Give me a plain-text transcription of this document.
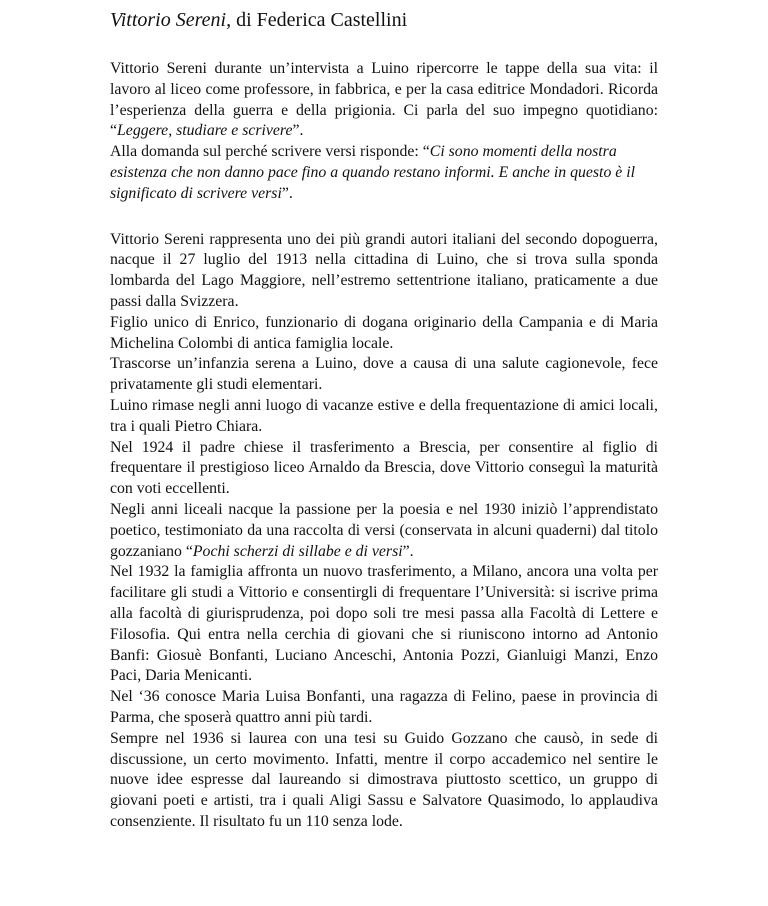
Vittorio Sereni, di Federica Castellini

Vittorio Sereni durante un’intervista a Luino ripercorre le tappe della sua vita: il lavoro al liceo come professore, in fabbrica, e per la casa editrice Mondadori. Ricorda l’esperienza della guerra e della prigionia. Ci parla del suo impegno quotidiano: “Leggere, studiare e scrivere”.

Alla domanda sul perché scrivere versi risponde: “Ci sono momenti della nostra esistenza che non danno pace fino a quando restano informi. E anche in questo è il significato di scrivere versi”.

Vittorio Sereni rappresenta uno dei più grandi autori italiani del secondo dopoguerra, nacque il 27 luglio del 1913 nella cittadina di Luino, che si trova sulla sponda lombarda del Lago Maggiore, nell’estremo settentrione italiano, praticamente a due passi dalla Svizzera.

Figlio unico di Enrico, funzionario di dogana originario della Campania e di Maria Michelina Colombi di antica famiglia locale.

Trascorse un’infanzia serena a Luino, dove a causa di una salute cagionevole, fece privatamente gli studi elementari.

Luino rimase negli anni luogo di vacanze estive e della frequentazione di amici locali, tra i quali Pietro Chiara.

Nel 1924 il padre chiese il trasferimento a Brescia, per consentire al figlio di frequentare il prestigioso liceo Arnaldo da Brescia, dove Vittorio conseguì la maturità con voti eccellenti.

Negli anni liceali nacque la passione per la poesia e nel 1930 iniziò l’apprendistato poetico, testimoniato da una raccolta di versi (conservata in alcuni quaderni) dal titolo gozzaniano “Pochi scherzi di sillabe e di versi”.

Nel 1932 la famiglia affronta un nuovo trasferimento, a Milano, ancora una volta per facilitare gli studi a Vittorio e consentirgli di frequentare l’Università: si iscrive prima alla facoltà di giurisprudenza, poi dopo soli tre mesi passa alla Facoltà di Lettere e Filosofia. Qui entra nella cerchia di giovani che si riuniscono intorno ad Antonio Banfi: Giosuè Bonfanti, Luciano Anceschi, Antonia Pozzi, Gianluigi Manzi, Enzo Paci, Daria Menicanti.

Nel ‘36 conosce Maria Luisa Bonfanti, una ragazza di Felino, paese in provincia di Parma, che sposerà quattro anni più tardi.

Sempre nel 1936 si laurea con una tesi su Guido Gozzano che causò, in sede di discussione, un certo movimento. Infatti, mentre il corpo accademico nel sentire le nuove idee espresse dal laureando si dimostrava piuttosto scettico, un gruppo di giovani poeti e artisti, tra i quali Aligi Sassu e Salvatore Quasimodo, lo applaudiva consenziente. Il risultato fu un 110 senza lode.
